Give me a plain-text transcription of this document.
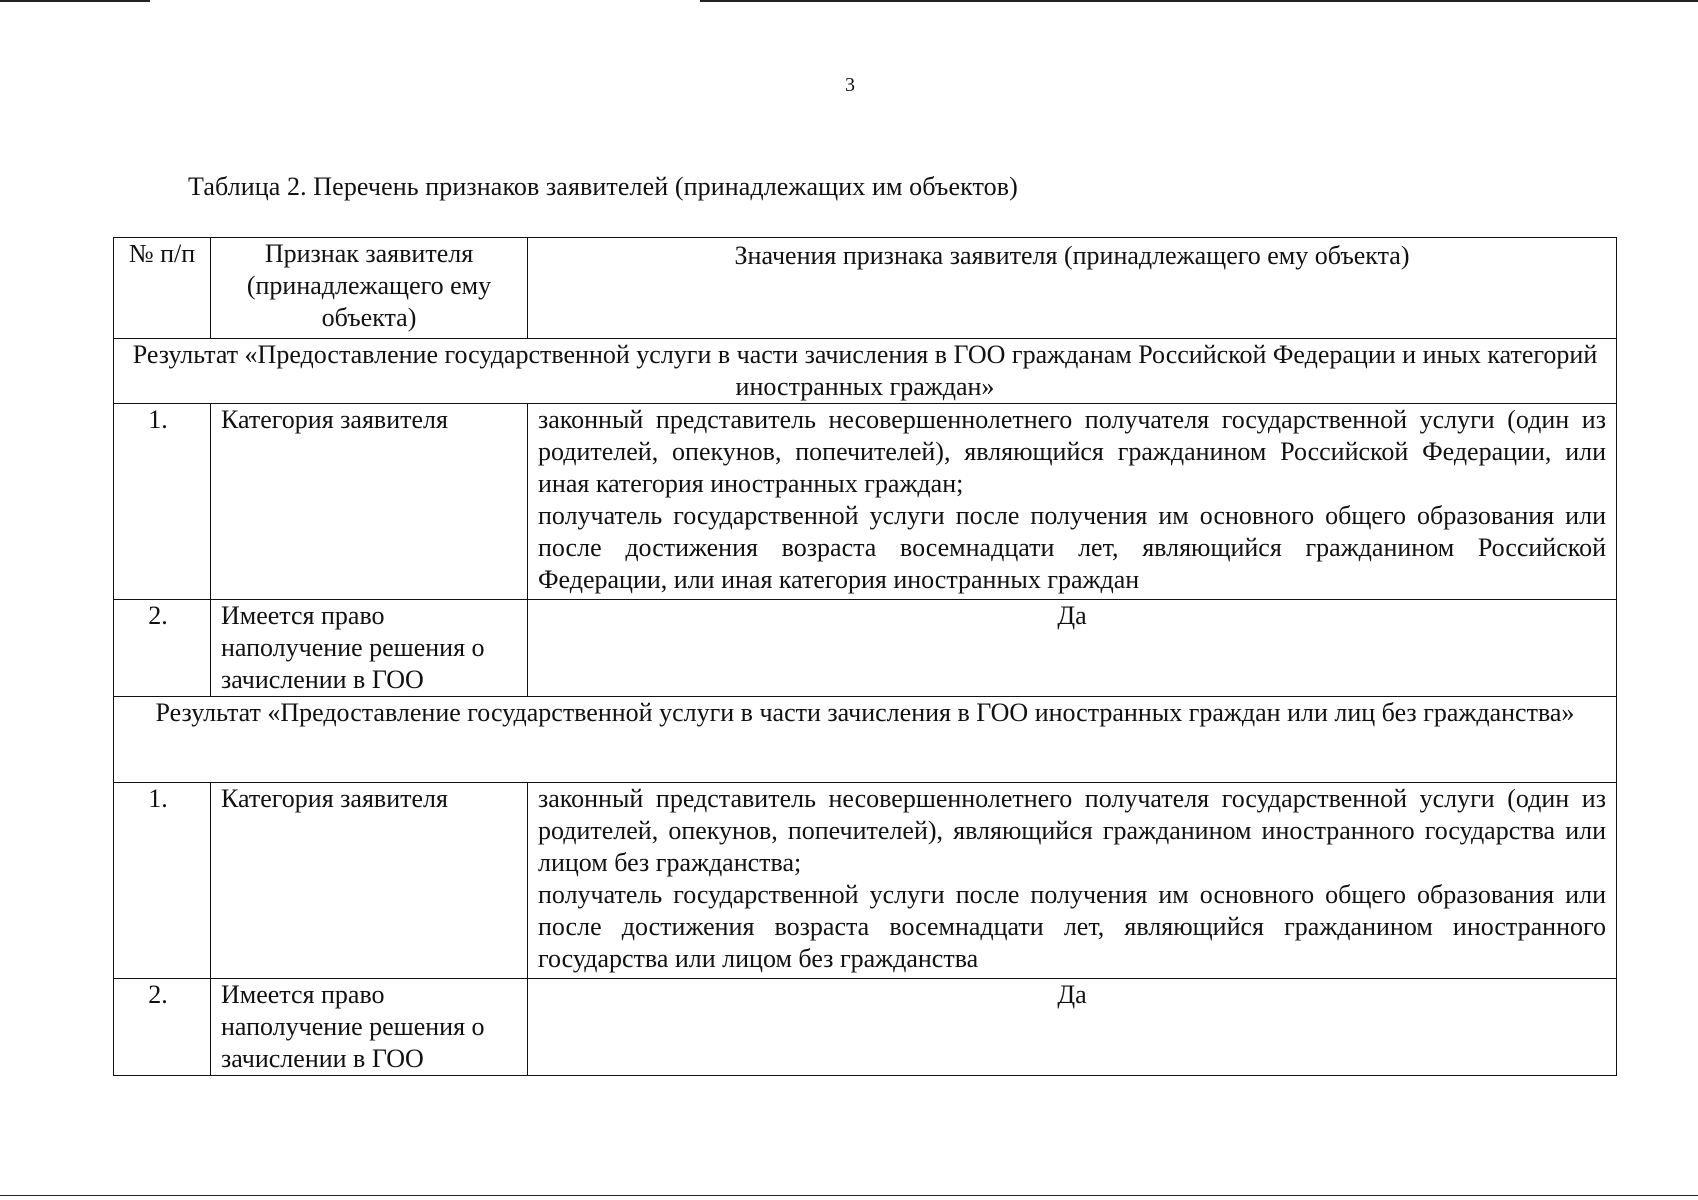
3
Таблица 2. Перечень признаков заявителей (принадлежащих им объектов)
№ п/п	Признак заявителя (принадлежащего ему объекта)	Значения признака заявителя (принадлежащего ему объекта)
Результат «Предоставление государственной услуги в части зачисления в ГОО гражданам Российской Федерации и иных категорий иностранных граждан»		
1.	Категория заявителя	законный представитель несовершеннолетнего получателя государственной услуги (один из родителей, опекунов, попечителей), являющийся гражданином Российской Федерации, или иная категория иностранных граждан;
получатель государственной услуги после получения им основного общего образования или после достижения возраста восемнадцати лет, являющийся гражданином Российской Федерации, или иная категория иностранных граждан

2.	Имеется право наполучение решения о зачислении в ГОО	Да

Результат «Предоставление государственной услуги в части зачисления в ГОО иностранных граждан или лиц без гражданства»		
1.	Категория заявителя	законный представитель несовершеннолетнего получателя государственной услуги (один из родителей, опекунов, попечителей), являющийся гражданином иностранного государства или лицом без гражданства;
получатель государственной услуги после получения им основного общего образования или после достижения возраста восемнадцати лет, являющийся гражданином иностранного государства или лицом без гражданства

2.	Имеется право наполучение решения о зачислении в ГОО	Да
